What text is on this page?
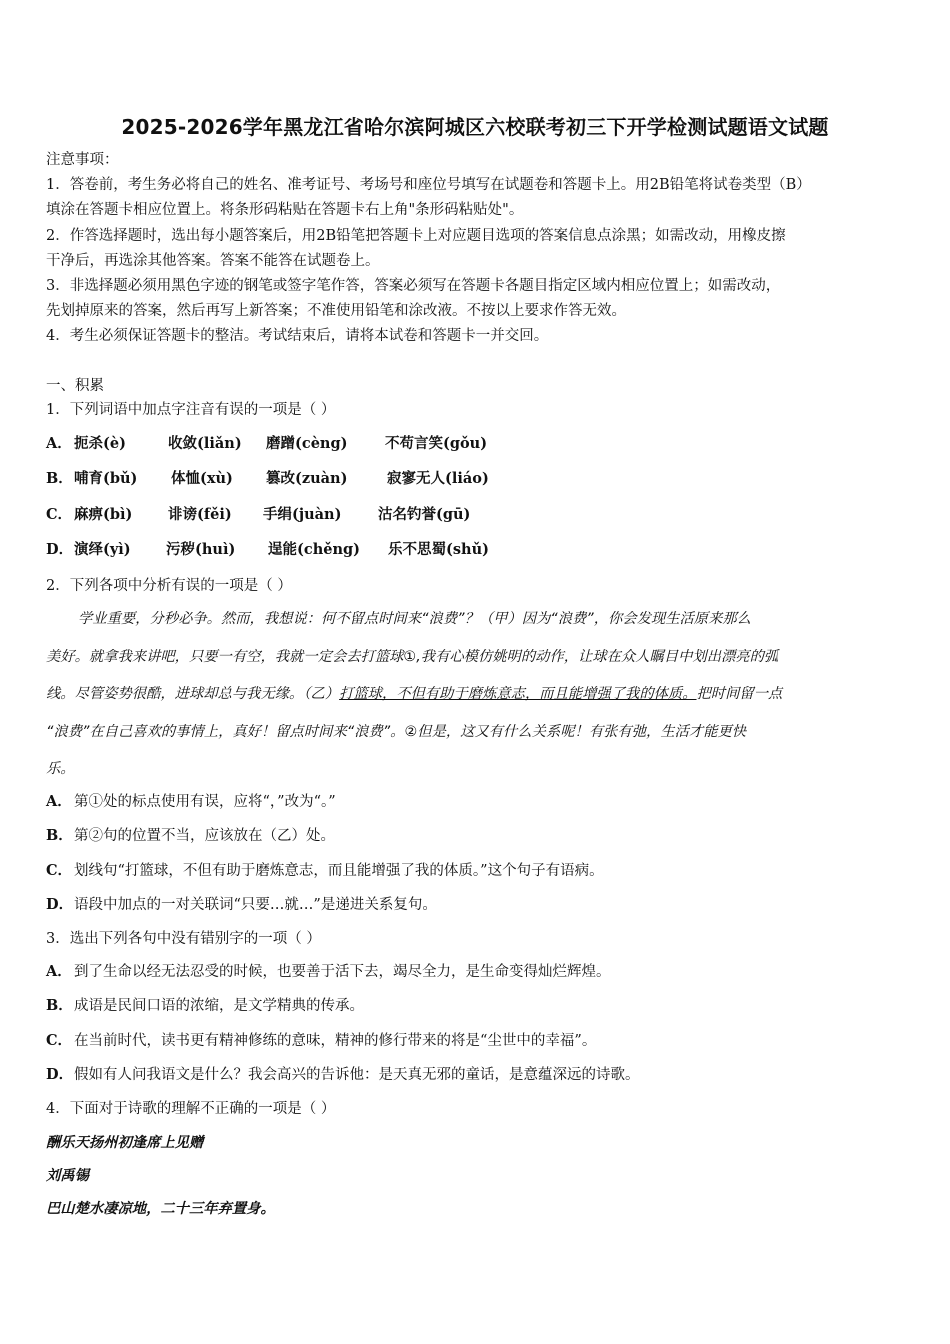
2025-2026学年黑龙江省哈尔滨阿城区六校联考初三下开学检测试题语文试题
注意事项：
1．答卷前，考生务必将自己的姓名、准考证号、考场号和座位号填写在试题卷和答题卡上。用2B铅笔将试卷类型（B）
填涂在答题卡相应位置上。将条形码粘贴在答题卡右上角"条形码粘贴处"。
2．作答选择题时，选出每小题答案后，用2B铅笔把答题卡上对应题目选项的答案信息点涂黑；如需改动，用橡皮擦
干净后，再选涂其他答案。答案不能答在试题卷上。
3．非选择题必须用黑色字迹的钢笔或签字笔作答，答案必须写在答题卡各题目指定区域内相应位置上；如需改动，
先划掉原来的答案，然后再写上新答案；不准使用铅笔和涂改液。不按以上要求作答无效。
4．考生必须保证答题卡的整洁。考试结束后，请将本试卷和答题卡一并交回。
一、积累
1．下列词语中加点字注音有误的一项是（ ）
A． 扼杀(è)	收敛(liǎn) 磨蹭(cèng)	不苟言笑(gǒu)
B． 哺育(bǔ) 体恤(xù) 篡改(zuàn)	寂寥无人(liáo)
C． 麻痹(bì) 诽谤(fěi) 手绢(juàn)	沽名钓誉(gū)
D． 演绎(yì) 污秽(huì) 逞能(chěng) 乐不思蜀(shǔ)
2．下列各项中分析有误的一项是（ ）
学业重要，分秒必争。然而，我想说：何不留点时间来“浪费”？（甲）因为“浪费”，你会发现生活原来那么
美好。就拿我来讲吧，只要一有空，我就一定会去打篮球①,我有心模仿姚明的动作，让球在众人瞩目中划出漂亮的弧
线。尽管姿势很酷，进球却总与我无缘。（乙）打篮球，不但有助于磨炼意志，而且能增强了我的体质。把时间留一点
“浪费”在自己喜欢的事情上，真好！留点时间来“浪费”。②但是，这又有什么关系呢！有张有弛，生活才能更快
乐。
A． 第①处的标点使用有误，应将“，”改为“。”
B． 第②句的位置不当，应该放在（乙）处。
C． 划线句“打篮球，不但有助于磨炼意志，而且能增强了我的体质。”这个句子有语病。
D． 语段中加点的一对关联词“只要…就…”是递进关系复句。
3．选出下列各句中没有错别字的一项（ ）
A． 到了生命以经无法忍受的时候，也要善于活下去，竭尽全力，是生命变得灿烂辉煌。
B． 成语是民间口语的浓缩，是文学精典的传承。
C． 在当前时代，读书更有精神修练的意味，精神的修行带来的将是“尘世中的幸福”。
D． 假如有人问我语文是什么？我会高兴的告诉他：是天真无邪的童话，是意蕴深远的诗歌。
4．下面对于诗歌的理解不正确的一项是（ ）
酬乐天扬州初逢席上见赠
刘禹锡
巴山楚水凄凉地，二十三年弃置身。
